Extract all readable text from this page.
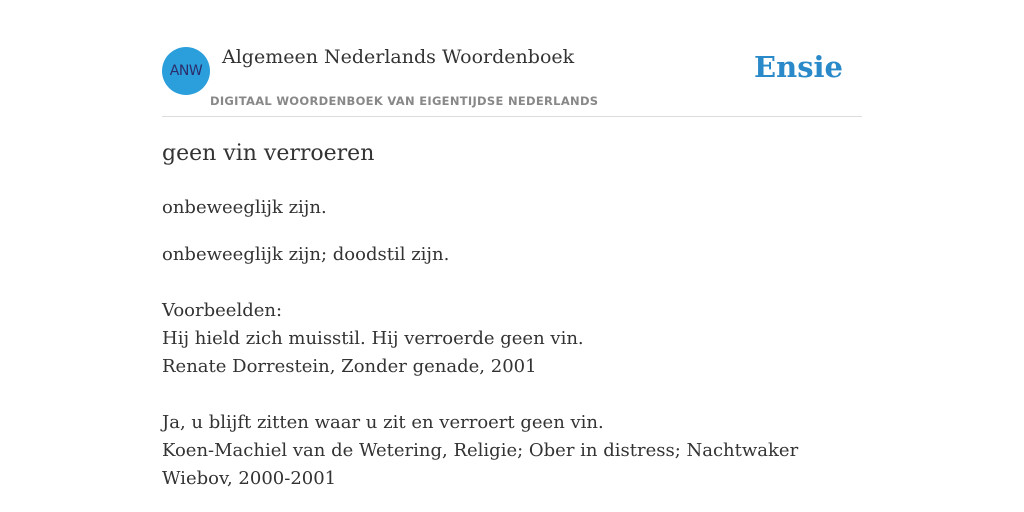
ANW
Algemeen Nederlands Woordenboek
DIGITAAL WOORDENBOEK VAN EIGENTIJDSE NEDERLANDS
Ensie
geen vin verroeren

onbeweeglijk zijn.

onbeweeglijk zijn; doodstil zijn.

Voorbeelden:
Hij hield zich muisstil. Hij verroerde geen vin.
Renate Dorrestein, Zonder genade, 2001
Ja, u blijft zitten waar u zit en verroert geen vin.
Koen-Machiel van de Wetering, Religie; Ober in distress; Nachtwaker Wiebov, 2000-2001
